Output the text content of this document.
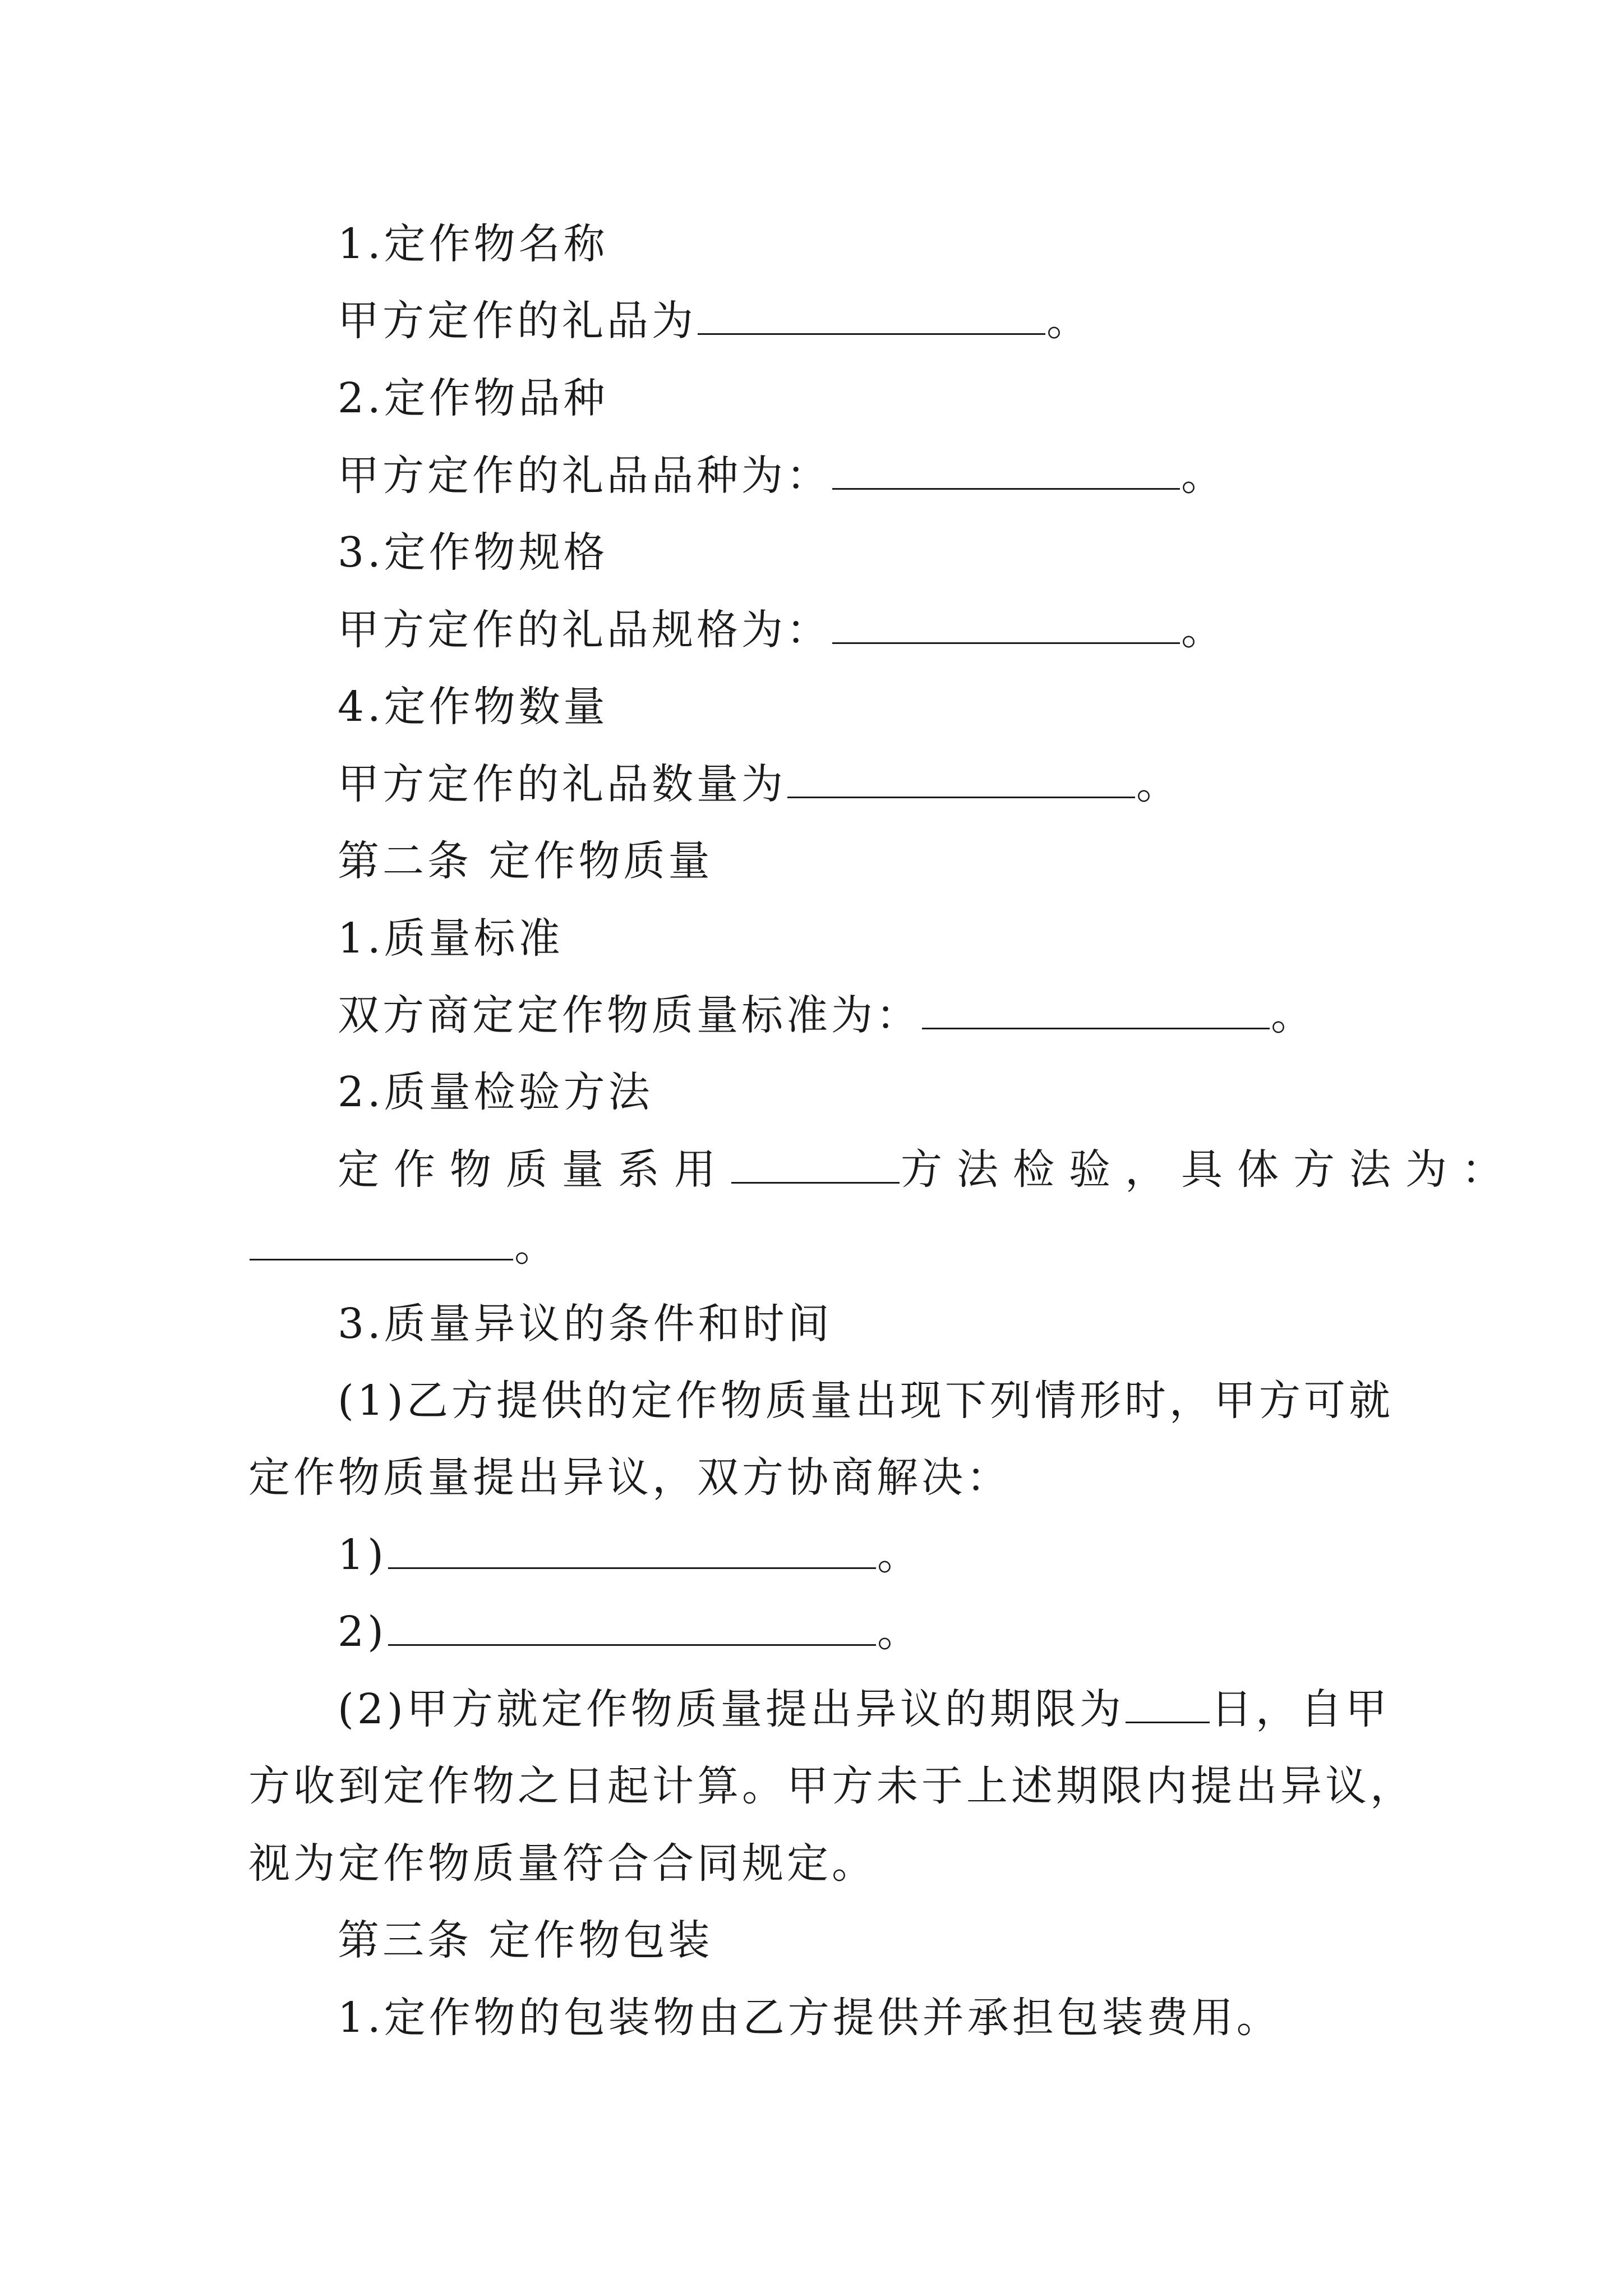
1.定作物名称
甲方定作的礼品为	。
2.定作物品种
甲方定作的礼品品种为：	。
3.定作物规格
甲方定作的礼品规格为：	。
4.定作物数量
甲方定作的礼品数量为	。
第二条 定作物质量
1.质量标准
双方商定定作物质量标准为：	。
2.质量检验方法
定作物质量系用	方法检验，具体方法为：
。
3.质量异议的条件和时间
(1)乙方提供的定作物质量出现下列情形时，甲方可就
定作物质量提出异议，双方协商解决：
1)	。
2)	。
(2)甲方就定作物质量提出异议的期限为 日，自甲
方收到定作物之日起计算。甲方未于上述期限内提出异议，
视为定作物质量符合合同规定。
第三条 定作物包装
1.定作物的包装物由乙方提供并承担包装费用。
